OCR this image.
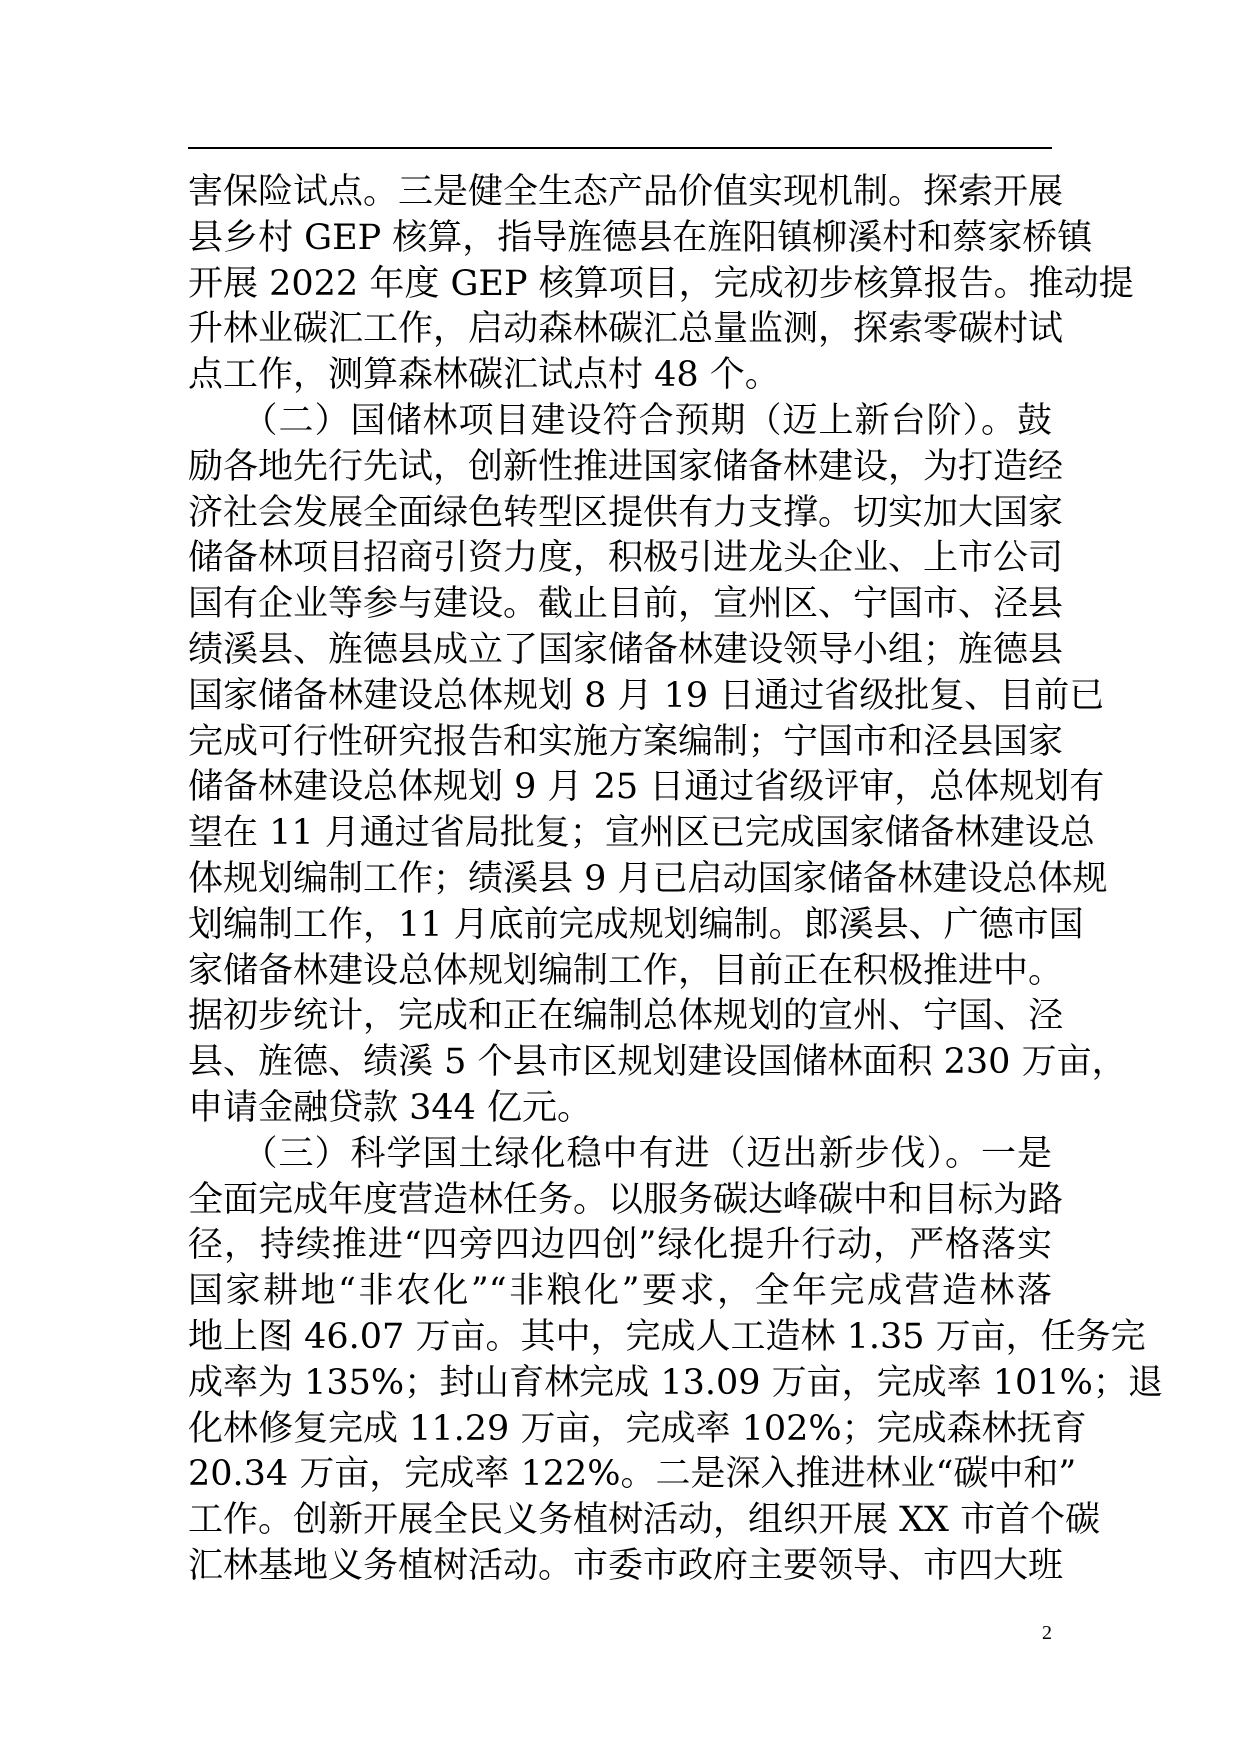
害保险试点。三是健全生态产品价值实现机制。探索开展
县乡村 GEP 核算，指导旌德县在旌阳镇柳溪村和蔡家桥镇
开展 2022 年度 GEP 核算项目，完成初步核算报告。推动提
升林业碳汇工作，启动森林碳汇总量监测，探索零碳村试
点工作，测算森林碳汇试点村 48 个。

　　（二）国储林项目建设符合预期（迈上新台阶）。鼓
励各地先行先试，创新性推进国家储备林建设，为打造经
济社会发展全面绿色转型区提供有力支撑。切实加大国家
储备林项目招商引资力度，积极引进龙头企业、上市公司
国有企业等参与建设。截止目前，宣州区、宁国市、泾县
绩溪县、旌德县成立了国家储备林建设领导小组；旌德县
国家储备林建设总体规划 8 月 19 日通过省级批复、目前已
完成可行性研究报告和实施方案编制；宁国市和泾县国家
储备林建设总体规划 9 月 25 日通过省级评审，总体规划有
望在 11 月通过省局批复；宣州区已完成国家储备林建设总
体规划编制工作；绩溪县 9 月已启动国家储备林建设总体规
划编制工作，11 月底前完成规划编制。郎溪县、广德市国
家储备林建设总体规划编制工作，目前正在积极推进中。
据初步统计，完成和正在编制总体规划的宣州、宁国、泾
县、旌德、绩溪 5 个县市区规划建设国储林面积 230 万亩，
申请金融贷款 344 亿元。

　　（三）科学国土绿化稳中有进（迈出新步伐）。一是
全面完成年度营造林任务。以服务碳达峰碳中和目标为路
径，持续推进“四旁四边四创”绿化提升行动，严格落实
国家耕地“非农化”“非粮化”要求，全年完成营造林落
地上图 46.07 万亩。其中，完成人工造林 1.35 万亩，任务完
成率为 135%；封山育林完成 13.09 万亩，完成率 101%；退
化林修复完成 11.29 万亩，完成率 102%；完成森林抚育
20.34 万亩，完成率 122%。二是深入推进林业“碳中和”
工作。创新开展全民义务植树活动，组织开展 XX 市首个碳
汇林基地义务植树活动。市委市政府主要领导、市四大班

2
